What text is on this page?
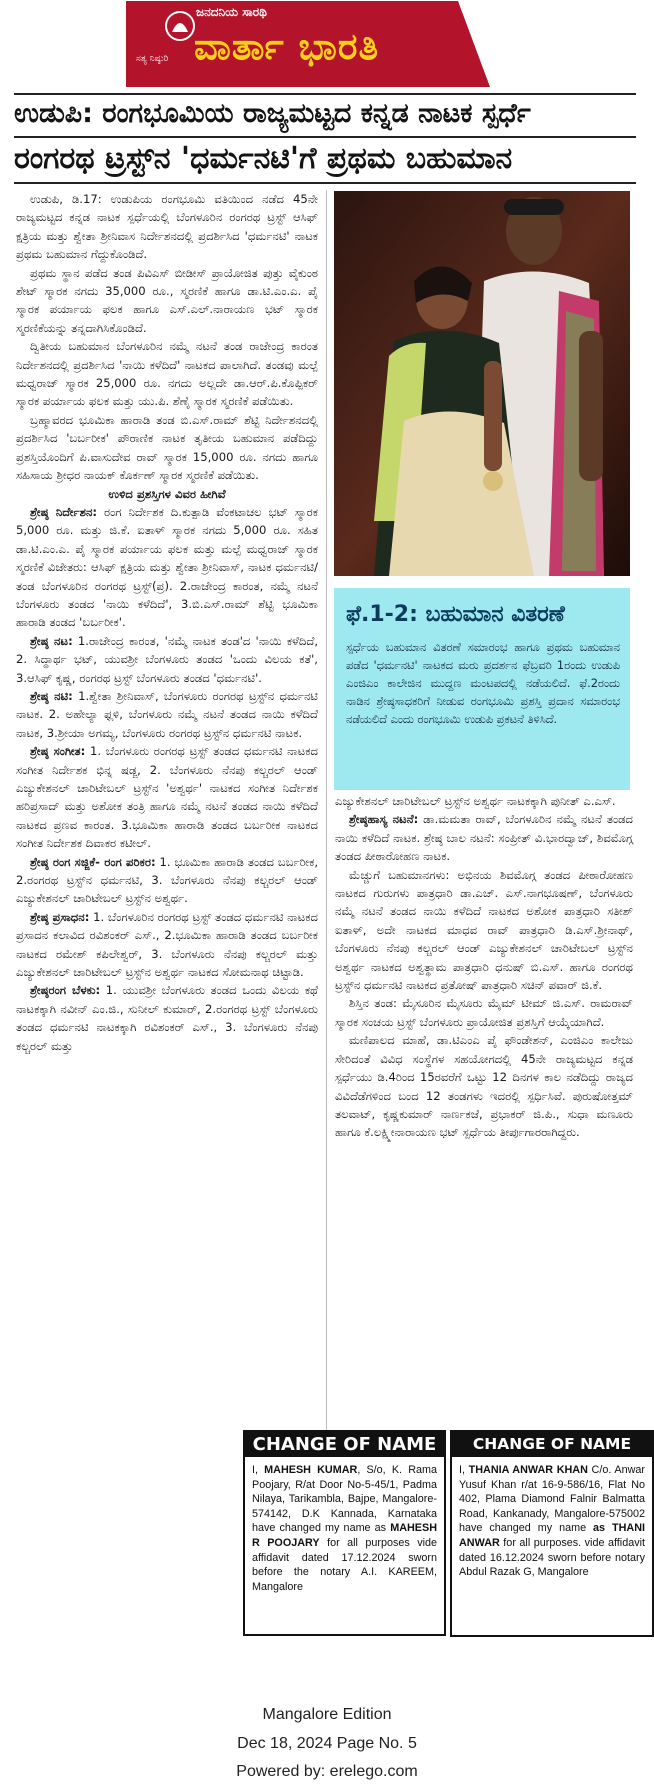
ಜನದನಿಯ ಸಾರಥಿ
ವಾರ್ತಾ ಭಾರತಿ
ಸತ್ಯ ನಿಷ್ಠುರಿ
ಉಡುಪಿ: ರಂಗಭೂಮಿಯ ರಾಜ್ಯಮಟ್ಟದ ಕನ್ನಡ ನಾಟಕ ಸ್ಪರ್ಧೆ
ರಂಗರಥ ಟ್ರಸ್ಟ್‌ನ 'ಧರ್ಮನಟಿ'ಗೆ ಪ್ರಥಮ ಬಹುಮಾನ

ಉಡುಪಿ, ಡಿ.17: ಉಡುಪಿಯ ರಂಗಭೂಮಿ ವತಿಯಿಂದ ನಡೆದ 45ನೇ ರಾಜ್ಯಮಟ್ಟದ ಕನ್ನಡ ನಾಟಕ ಸ್ಪರ್ಧೆಯಲ್ಲಿ ಬೆಂಗಳೂರಿನ ರಂಗರಥ ಟ್ರಸ್ಟ್ ಆಸಿಫ್ ಕ್ಷತ್ರಿಯ ಮತ್ತು ಶ್ವೇತಾ ಶ್ರೀನಿವಾಸ ನಿರ್ದೇಶನದಲ್ಲಿ ಪ್ರದರ್ಶಿಸಿದ 'ಧರ್ಮನಟಿ' ನಾಟಕ ಪ್ರಥಮ ಬಹುಮಾನ ಗೆದ್ದುಕೊಂಡಿದೆ.

ಪ್ರಥಮ ಸ್ಥಾನ ಪಡೆದ ತಂಡ ಪಿವಿಎಸ್ ಬೀಡೀಸ್ ಪ್ರಾಯೋಜಿತ ಪುತ್ತು ವೈಕುಂಠ ಶೇಟ್ ಸ್ಮಾರಕ ನಗದು 35,000 ರೂ., ಸ್ಮರಣಿಕೆ ಹಾಗೂ ಡಾ.ಟಿ.ಎಂ.ಎ. ಪೈ ಸ್ಮಾರಕ ಪರ್ಯಾಯ ಫಲಕ ಹಾಗೂ ಎಸ್.ಎಲ್.ನಾರಾಯಣ ಭಟ್ ಸ್ಮಾರಕ ಸ್ಮರಣಿಕೆಯನ್ನು ತನ್ನದಾಗಿಸಿಕೊಂಡಿದೆ.

ದ್ವಿತೀಯ ಬಹುಮಾನ ಬೆಂಗಳೂರಿನ ನಮ್ಮೆ ನಟನೆ ತಂಡ ರಾಜೇಂದ್ರ ಕಾರಂತ ನಿರ್ದೇಶನದಲ್ಲಿ ಪ್ರದರ್ಶಿಸಿದ 'ನಾಯಿ ಕಳೆದಿದೆ' ನಾಟಕದ ಪಾಲಾಗಿದೆ. ತಂಡವು ಮಲ್ಪೆ ಮಧ್ವರಾಜ್ ಸ್ಮಾರಕ 25,000 ರೂ. ನಗದು ಅಲ್ಲದೇ ಡಾ.ಆರ್.ಪಿ.ಕೊಪ್ಪಿಕರ್ ಸ್ಮಾರಕ ಪರ್ಯಾಯ ಫಲಕ ಮತ್ತು ಯು.ಪಿ. ಶೆಣೈ ಸ್ಮಾರಕ ಸ್ಮರಣಿಕೆ ಪಡೆಯಿತು.

ಬ್ರಹ್ಮಾವರದ ಭೂಮಿಕಾ ಹಾರಾಡಿ ತಂಡ ಬಿ.ಎಸ್.ರಾಮ್ ಶೆಟ್ಟಿ ನಿರ್ದೇಶನದಲ್ಲಿ ಪ್ರದರ್ಶಿಸಿದ 'ಬರ್ಬರೀಕ' ಪೌರಾಣಿಕ ನಾಟಕ ತೃತೀಯ ಬಹುಮಾನ ಪಡೆದಿದ್ದು ಪ್ರಶಸ್ತಿಯೊಂದಿಗೆ ಪಿ.ವಾಸುದೇವ ರಾವ್ ಸ್ಮಾರಕ 15,000 ರೂ. ನಗದು ಹಾಗೂ ಸಹಿಸಾಯ ಶ್ರೀಧರ ನಾಯಕ್ ಕೊರ್ಕಣ್ ಸ್ಮಾರಕ ಸ್ಮರಣಿಕೆ ಪಡೆಯಿತು.

ಉಳಿದ ಪ್ರಶಸ್ತಿಗಳ ವಿವರ ಹೀಗಿವೆ

ಶ್ರೇಷ್ಠ ನಿರ್ದೇಶನ: ರಂಗ ನಿರ್ದೇಶಕ ದಿ.ಕುತ್ಪಾಡಿ ವೆಂಕಟಾಚಲ ಭಟ್ ಸ್ಮಾರಕ 5,000 ರೂ. ಮತ್ತು ಜಿ.ಕೆ. ಐತಾಳ್ ಸ್ಮಾರಕ ನಗದು 5,000 ರೂ. ಸಹಿತ ಡಾ.ಟಿ.ಎಂ.ಎ. ಪೈ ಸ್ಮಾರಕ ಪರ್ಯಾಯ ಫಲಕ ಮತ್ತು ಮಲ್ಪೆ ಮಧ್ವರಾಜ್ ಸ್ಮಾರಕ ಸ್ಮರಣಿಕೆ ವಿಜೇತರು: ಆಸಿಫ್ ಕ್ಷತ್ರಿಯ ಮತ್ತು ಶ್ವೇತಾ ಶ್ರೀನಿವಾಸ್, ನಾಟಕ ಧರ್ಮನಟಿ/ತಂಡ ಬೆಂಗಳೂರಿನ ರಂಗರಥ ಟ್ರಸ್ಟ್(ಪ್ರ). 2.ರಾಜೇಂದ್ರ ಕಾರಂತ, ನಮ್ಮೆ ನಟನೆ ಬೆಂಗಳೂರು ತಂಡದ 'ನಾಯಿ ಕಳೆದಿದೆ', 3.ಬಿ.ಎಸ್.ರಾಮ್ ಶೆಟ್ಟಿ ಭೂಮಿಕಾ ಹಾರಾಡಿ ತಂಡದ 'ಬರ್ಬರೀಕ'.

ಶ್ರೇಷ್ಠ ನಟ: 1.ರಾಜೇಂದ್ರ ಕಾರಂತ, 'ನಮ್ಮೆ ನಾಟಕ ತಂಡ'ದ 'ನಾಯಿ ಕಳೆದಿದೆ, 2. ಸಿದ್ಧಾರ್ಥ ಭಟ್, ಯುವಶ್ರೀ ಬೆಂಗಳೂರು ತಂಡದ 'ಒಂದು ವಿಲಯ ಕತೆ', 3.ಆಸಿಫ್ ಕೃಷ್ಣ, ರಂಗರಥ ಟ್ರಸ್ಟ್ ಬೆಂಗಳೂರು ತಂಡದ 'ಧರ್ಮನಟಿ'.

ಶ್ರೇಷ್ಠ ನಟಿ: 1.ಶ್ವೇತಾ ಶ್ರೀನಿವಾಸ್, ಬೆಂಗಳೂರು ರಂಗರಥ ಟ್ರಸ್ಟ್‌ನ ಧರ್ಮನಟಿ ನಾಟಕ. 2. ಅಹೇಲ್ಯಾ ಫ್ಲಳಿ, ಬೆಂಗಳೂರು ನಮ್ಮೆ ನಟನೆ ತಂಡದ ನಾಯಿ ಕಳೆದಿದೆ ನಾಟಕ, 3.ಶ್ರೀಯಾ ಅಗಮ್ಯ, ಬೆಂಗಳೂರು ರಂಗರಥ ಟ್ರಸ್ಟ್‌ನ ಧರ್ಮನಟಿ ನಾಟಕ.

ಶ್ರೇಷ್ಠ ಸಂಗೀತ: 1. ಬೆಂಗಳೂರು ರಂಗರಥ ಟ್ರಸ್ಟ್ ತಂಡದ ಧರ್ಮನಟಿ ನಾಟಕದ ಸಂಗೀತ ನಿರ್ದೇಶಕ ಭಿನ್ನ ಷಡ್ಜ, 2. ಬೆಂಗಳೂರು ನೆನಪು ಕಲ್ಚರಲ್ ಆಂಡ್ ಎಜ್ಯುಕೇಶನಲ್ ಚಾರಿಟೇಬಲ್ ಟ್ರಸ್ಟ್‌ನ 'ಅಶ್ವರ್ಥ' ನಾಟಕದ ಸಂಗೀತ ನಿರ್ದೇಶಕ ಹರಿಪ್ರಸಾದ್ ಮತ್ತು ಅಶೋಕ ತಂತ್ರಿ ಹಾಗೂ ನಮ್ಮೆ ನಟನೆ ತಂಡದ ನಾಯಿ ಕಳೆದಿದೆ ನಾಟಕದ ಪ್ರಣವ ಕಾರಂತ. 3.ಭೂಮಿಕಾ ಹಾರಾಡಿ ತಂಡದ ಬರ್ಬರೀಕ ನಾಟಕದ ಸಂಗೀತ ನಿರ್ದೇಶಕ ದಿವಾಕರ ಕಟೀಲ್.

ಶ್ರೇಷ್ಠ ರಂಗ ಸಜ್ಜಿಕೆ- ರಂಗ ಪರಿಕರ: 1. ಭೂಮಿಕಾ ಹಾರಾಡಿ ತಂಡದ ಬರ್ಬರೀಕ, 2.ರಂಗರಥ ಟ್ರಸ್ಟ್‌ನ ಧರ್ಮನಟಿ, 3. ಬೆಂಗಳೂರು ನೆನಪು ಕಲ್ಚರಲ್ ಆಂಡ್ ಎಜ್ಯುಕೇಶನಲ್ ಚಾರಿಟೇಬಲ್ ಟ್ರಸ್ಟ್‌ನ ಅಶ್ವರ್ಥ.

ಶ್ರೇಷ್ಠ ಪ್ರಸಾಧನ: 1. ಬೆಂಗಳೂರಿನ ರಂಗರಥ ಟ್ರಸ್ಟ್ ತಂಡದ ಧರ್ಮನಟಿ ನಾಟಕದ ಪ್ರಸಾದನ ಕಲಾವಿದ ರವಿಶಂಕರ್ ಎಸ್., 2.ಭೂಮಿಕಾ ಹಾರಾಡಿ ತಂಡದ ಬರ್ಬರೀಕ ನಾಟಕದ ರಮೇಶ್ ಕಪಿಲೇಶ್ವರ್, 3. ಬೆಂಗಳೂರು ನೆನಪು ಕಲ್ಚರಲ್ ಮತ್ತು ಎಜ್ಯುಕೇಶನಲ್ ಚಾರಿಟೇಬಲ್ ಟ್ರಸ್ಟ್‌ನ ಅಶ್ವರ್ಥ ನಾಟಕದ ಸೋಮನಾಥ ಚಿಟ್ಟಾಡಿ.

ಶ್ರೇಷ್ಠರಂಗ ಬೆಳಕು: 1. ಯುವಶ್ರೀ ಬೆಂಗಳೂರು ತಂಡದ ಒಂದು ವಿಲಯ ಕಥೆ ನಾಟಕಕ್ಕಾಗಿ ನವೀನ್ ಎಂ.ಜಿ., ಸುನೀಲ್ ಕುಮಾರ್, 2.ರಂಗರಥ ಟ್ರಸ್ಟ್ ಬೆಂಗಳೂರು ತಂಡದ ಧರ್ಮನಟಿ ನಾಟಕಕ್ಕಾಗಿ ರವಿಶಂಕರ್ ಎಸ್., 3. ಬೆಂಗಳೂರು ನೆನಪು ಕಲ್ಚರಲ್ ಮತ್ತು

ಫೆ.1-2: ಬಹುಮಾನ ವಿತರಣೆ
ಸ್ಪರ್ಧೆಯ ಬಹುಮಾನ ವಿತರಣೆ ಸಮಾರಂಭ ಹಾಗೂ ಪ್ರಥಮ ಬಹುಮಾನ ಪಡೆದ 'ಧರ್ಮನಟಿ' ನಾಟಕದ ಮರು ಪ್ರದರ್ಶನ ಫೆಬ್ರವರಿ 1ರಂದು ಉಡುಪಿ ಎಂಜಿಎಂ ಕಾಲೇಜಿನ ಮುದ್ದಣ ಮಂಟಪದಲ್ಲಿ ನಡೆಯಲಿದೆ. ಫೆ.2ರಂದು ನಾಡಿನ ಶ್ರೇಷ್ಠಸಾಧಕರಿಗೆ ನೀಡುವ ರಂಗಭೂಮಿ ಪ್ರಶಸ್ತಿ ಪ್ರದಾನ ಸಮಾರಂಭ ನಡೆಯಲಿದೆ ಎಂದು ರಂಗಭೂಮಿ ಉಡುಪಿ ಪ್ರಕಟನೆ ತಿಳಿಸಿದೆ.

ಎಜ್ಯುಕೇಶನಲ್ ಚಾರಿಟೇಬಲ್ ಟ್ರಸ್ಟ್‌ನ ಅಶ್ವರ್ಥ ನಾಟಕಕ್ಕಾಗಿ ಪುನೀತ್ ಎ.ಎಸ್.

ಶ್ರೇಷ್ಠಹಾಸ್ಯ ನಟನೆ: ಡಾ.ಮಮತಾ ರಾವ್, ಬೆಂಗಳೂರಿನ ನಮ್ಮೆ ನಟನೆ ತಂಡದ ನಾಯಿ ಕಳೆದಿದೆ ನಾಟಕ. ಶ್ರೇಷ್ಠ ಬಾಲ ನಟನೆ: ಸಂಪ್ರೀತ್ ವಿ.ಭಾರದ್ವಾಜ್, ಶಿವಮೊಗ್ಗ ತಂಡದ ಪೀಠಾರೋಹಣ ನಾಟಕ.

ಮೆಚ್ಚುಗೆ ಬಹುಮಾನಗಳು: ಅಭಿನಯ ಶಿವಮೊಗ್ಗ ತಂಡದ ಪೀಠಾರೋಹಣ ನಾಟಕದ ಗುರುಗಳು ಪಾತ್ರಧಾರಿ ಡಾ.ಎಚ್. ಎಸ್.ನಾಗಭೂಷಣ್, ಬೆಂಗಳೂರು ನಮ್ಮೆ ನಟನೆ ತಂಡದ ನಾಯಿ ಕಳೆದಿದೆ ನಾಟಕದ ಅಶೋಕ ಪಾತ್ರಧಾರಿ ಸತೀಶ್ ಐತಾಳ್, ಅದೇ ನಾಟಕದ ಮಾಧವ ರಾವ್ ಪಾತ್ರಧಾರಿ ಡಿ.ಎಸ್.ಶ್ರೀನಾಥ್, ಬೆಂಗಳೂರು ನೆನಪು ಕಲ್ಚರಲ್ ಆಂಡ್ ಎಜ್ಯುಕೇಶನಲ್ ಚಾರಿಟೇಬಲ್ ಟ್ರಸ್ಟ್‌ನ ಅಶ್ವರ್ಥ ನಾಟಕದ ಅಶ್ವತ್ಥಾಮ ಪಾತ್ರಧಾರಿ ಧನುಷ್ ಬಿ.ಎಸ್. ಹಾಗೂ ರಂಗರಥ ಟ್ರಸ್ಟ್‌ನ ಧರ್ಮನಟಿ ನಾಟಕದ ಪ್ರತೋಷ್ ಪಾತ್ರಧಾರಿ ಸಚಿನ್ ಪವಾರ್ ಜಿ.ಕೆ.

ಶಿಸ್ತಿನ ತಂಡ: ಮೈಸೂರಿನ ಮೈಸೂರು ಮೈಮ್ ಟೀಮ್ ಜಿ.ಎಸ್. ರಾಮರಾವ್ ಸ್ಮಾರಕ ಸಂಚಯ ಟ್ರಸ್ಟ್ ಬೆಂಗಳೂರು ಪ್ರಾಯೋಜಿತ ಪ್ರಶಸ್ತಿಗೆ ಆಯ್ಕೆಯಾಗಿದೆ.

ಮಣಿಪಾಲದ ಮಾಹೆ, ಡಾ.ಟಿಎಂಎ ಪೈ ಫೌಂಡೇಶನ್, ಎಂಜಿಎಂ ಕಾಲೇಜು ಸೇರಿದಂತೆ ವಿವಿಧ ಸಂಸ್ಥೆಗಳ ಸಹಯೋಗದಲ್ಲಿ 45ನೇ ರಾಜ್ಯಮಟ್ಟದ ಕನ್ನಡ ಸ್ಪರ್ಧೆಯು ಡಿ.4ರಿಂದ 15ರವರೆಗೆ ಒಟ್ಟು 12 ದಿನಗಳ ಕಾಲ ನಡೆದಿದ್ದು ರಾಜ್ಯದ ವಿವಿದೆಡೆಗಳಿಂದ ಬಂದ 12 ತಂಡಗಳು ಇದರಲ್ಲಿ ಸ್ಪರ್ಧಿಸಿವೆ. ಪುರುಷೋತ್ತಮ್ ತಲವಾಟ್, ಕೃಷ್ಣಕುಮಾರ್ ನಾರ್ಣಕಜೆ, ಪ್ರಭಾಕರ್ ಜಿ.ಪಿ., ಸುಧಾ ಮಣೂರು ಹಾಗೂ ಕೆ.ಲಕ್ಷ್ಮೀನಾರಾಯಣ ಭಟ್ ಸ್ಪರ್ಧೆಯ ತೀರ್ಪುಗಾರರಾಗಿದ್ದರು.

CHANGE OF NAME
I, MAHESH KUMAR, S/o, K. Rama Poojary, R/at Door No-5-45/1, Padma Nilaya, Tarikambla, Bajpe, Mangalore- 574142, D.K Kannada, Karnataka have changed my name as MAHESH R POOJARY for all purposes vide affidavit dated 17.12.2024 sworn before the notary A.I. KAREEM, Mangalore
CHANGE OF NAME
I, THANIA ANWAR KHAN C/o. Anwar Yusuf Khan r/at 16-9-586/16, Flat No 402, Plama Diamond Falnir Balmatta Road, Kankanady, Mangalore-575002 have changed my name as THANI ANWAR for all purposes. vide affidavit dated 16.12.2024 sworn before notary Abdul Razak G, Mangalore
Mangalore Edition
Dec 18, 2024 Page No. 5
Powered by: erelego.com
